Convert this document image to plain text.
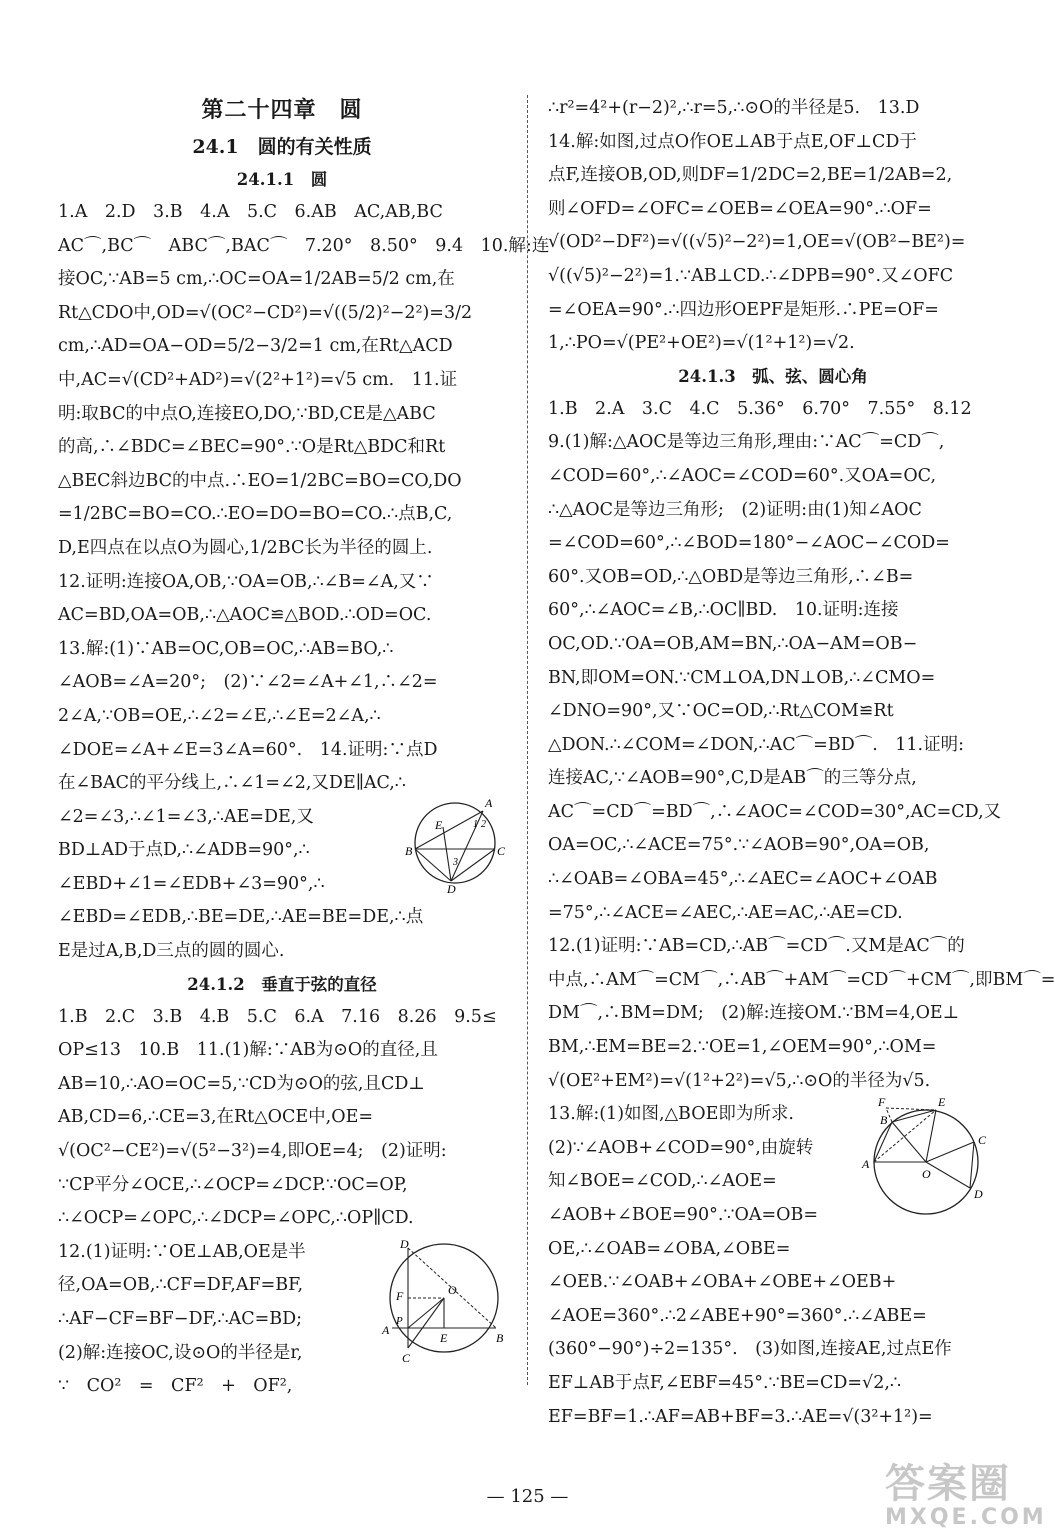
第二十四章　圆
24.1　圆的有关性质
24.1.1　圆
1.A　2.D　3.B　4.A　5.C　6.AB　AC,AB,BC
AC⌒,BC⌒　ABC⌒,BAC⌒　7.20°　8.50°　9.4　10.解:连
接OC,∵AB=5 cm,∴OC=OA=1/2AB=5/2 cm,在
Rt△CDO中,OD=√(OC²−CD²)=√((5/2)²−2²)=3/2
cm,∴AD=OA−OD=5/2−3/2=1 cm,在Rt△ACD
中,AC=√(CD²+AD²)=√(2²+1²)=√5 cm.　11.证
明:取BC的中点O,连接EO,DO,∵BD,CE是△ABC
的高,∴∠BDC=∠BEC=90°.∵O是Rt△BDC和Rt
△BEC斜边BC的中点.∴EO=1/2BC=BO=CO,DO
=1/2BC=BO=CO.∴EO=DO=BO=CO.∴点B,C,
D,E四点在以点O为圆心,1/2BC长为半径的圆上.
12.证明:连接OA,OB,∵OA=OB,∴∠B=∠A,又∵
AC=BD,OA=OB,∴△AOC≌△BOD.∴OD=OC.
13.解:(1)∵AB=OC,OB=OC,∴AB=BO,∴
∠AOB=∠A=20°;　(2)∵∠2=∠A+∠1,∴∠2=
2∠A,∵OB=OE,∴∠2=∠E,∴∠E=2∠A,∴
∠DOE=∠A+∠E=3∠A=60°.　14.证明:∵点D
在∠BAC的平分线上,∴∠1=∠2,又DE∥AC,∴
∠2=∠3,∴∠1=∠3,∴AE=DE,又
BD⊥AD于点D,∴∠ADB=90°,∴
∠EBD+∠1=∠EDB+∠3=90°,∴
∠EBD=∠EDB,∴BE=DE,∴AE=BE=DE,∴点
E是过A,B,D三点的圆的圆心.
A
E	1 2
3
B	C
D
24.1.2　垂直于弦的直径
1.B　2.C　3.B　4.B　5.C　6.A　7.16　8.26　9.5≤
OP≤13　10.B　11.(1)解:∵AB为⊙O的直径,且
AB=10,∴AO=OC=5,∵CD为⊙O的弦,且CD⊥
AB,CD=6,∴CE=3,在Rt△OCE中,OE=
√(OC²−CE²)=√(5²−3²)=4,即OE=4;　(2)证明:
∵CP平分∠OCE,∴∠OCP=∠DCP.∵OC=OP,
∴∠OCP=∠OPC,∴∠DCP=∠OPC,∴OP∥CD.
12.(1)证明:∵OE⊥AB,OE是半
径,OA=OB,∴CF=DF,AF=BF,
∴AF−CF=BF−DF,∴AC=BD;
(2)解:连接OC,设⊙O的半径是r,
∵　CO²　=　CF²　+　OF²,
D
F	O
P
A
E	B
C
∴r²=4²+(r−2)²,∴r=5,∴⊙O的半径是5.　13.D
14.解:如图,过点O作OE⊥AB于点E,OF⊥CD于
点F,连接OB,OD,则DF=1/2DC=2,BE=1/2AB=2,
则∠OFD=∠OFC=∠OEB=∠OEA=90°.∴OF=
√(OD²−DF²)=√((√5)²−2²)=1,OE=√(OB²−BE²)=
√((√5)²−2²)=1.∵AB⊥CD.∴∠DPB=90°.又∠OFC
=∠OEA=90°.∴四边形OEPF是矩形.∴PE=OF=
1,∴PO=√(PE²+OE²)=√(1²+1²)=√2.
24.1.3　弧、弦、圆心角
1.B　2.A　3.C　4.C　5.36°　6.70°　7.55°　8.12
9.(1)解:△AOC是等边三角形,理由:∵AC⌒=CD⌒,
∠COD=60°,∴∠AOC=∠COD=60°.又OA=OC,
∴△AOC是等边三角形;　(2)证明:由(1)知∠AOC
=∠COD=60°,∴∠BOD=180°−∠AOC−∠COD=
60°.又OB=OD,∴△OBD是等边三角形,∴∠B=
60°,∴∠AOC=∠B,∴OC∥BD.　10.证明:连接
OC,OD.∵OA=OB,AM=BN,∴OA−AM=OB−
BN,即OM=ON.∵CM⊥OA,DN⊥OB,∴∠CMO=
∠DNO=90°,又∵OC=OD,∴Rt△COM≌Rt
△DON.∴∠COM=∠DON,∴AC⌒=BD⌒.　11.证明:
连接AC,∵∠AOB=90°,C,D是AB⌒的三等分点,
AC⌒=CD⌒=BD⌒,∴∠AOC=∠COD=30°,AC=CD,又
OA=OC,∴∠ACE=75°.∵∠AOB=90°,OA=OB,
∴∠OAB=∠OBA=45°,∴∠AEC=∠AOC+∠OAB
=75°,∴∠ACE=∠AEC,∴AE=AC,∴AE=CD.
12.(1)证明:∵AB=CD,∴AB⌒=CD⌒.又M是AC⌒的
中点,∴AM⌒=CM⌒,∴AB⌒+AM⌒=CD⌒+CM⌒,即BM⌒=
DM⌒,∴BM=DM;　(2)解:连接OM.∵BM=4,OE⊥
BM,∴EM=BE=2.∵OE=1,∠OEM=90°,∴OM=
√(OE²+EM²)=√(1²+2²)=√5,∴⊙O的半径为√5.
13.解:(1)如图,△BOE即为所求.
(2)∵∠AOB+∠COD=90°,由旋转
知∠BOE=∠COD,∴∠AOE=
∠AOB+∠BOE=90°.∵OA=OB=
OE,∴∠OAB=∠OBA,∠OBE=
F	E
B
C
A
O
D
∠OEB.∵∠OAB+∠OBA+∠OBE+∠OEB+
∠AOE=360°.∴2∠ABE+90°=360°.∴∠ABE=
(360°−90°)÷2=135°.　(3)如图,连接AE,过点E作
EF⊥AB于点F,∠EBF=45°.∵BE=CD=√2,∴
EF=BF=1.∴AF=AB+BF=3.∴AE=√(3²+1²)=
— 125 —	答案圈
MXQE.COM
